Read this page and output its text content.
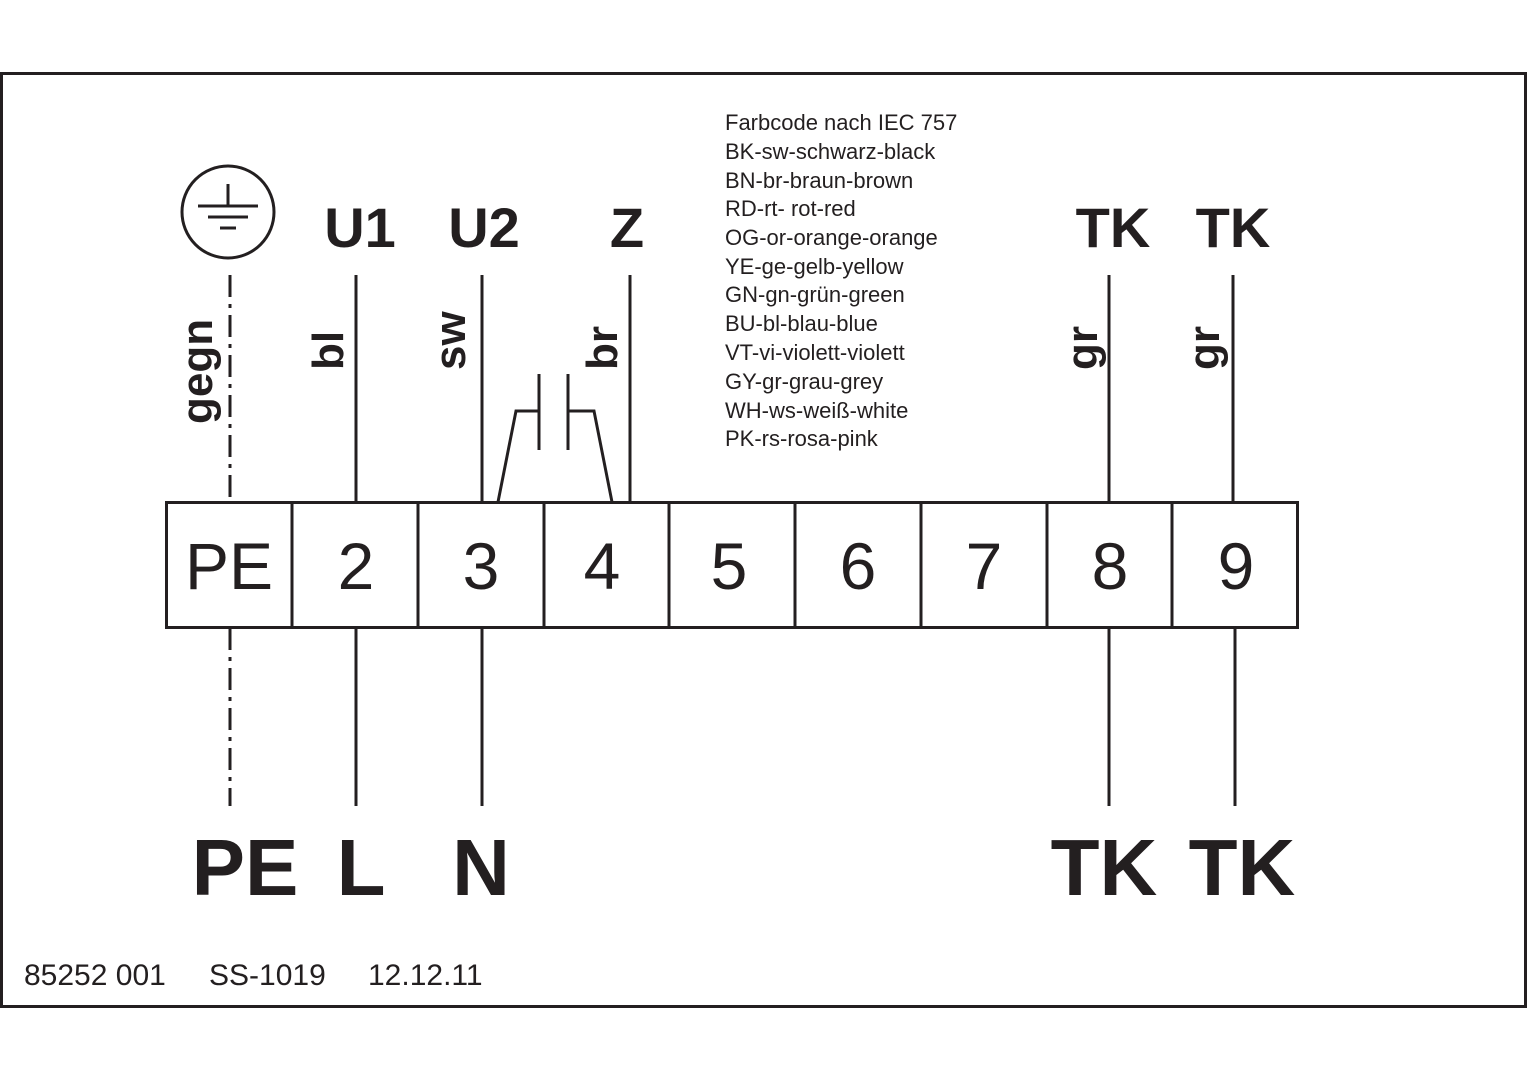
U1 U2 Z	TK TK
Farbcode nach IEC 757
BK-sw-schwarz-black
BN-br-braun-brown
RD-rt- rot-red
OG-or-orange-orange
YE-ge-gelb-yellow
GN-gn-grün-green
BU-bl-blau-blue
VT-vi-violett-violett
GY-gr-grau-grey
WH-ws-weiß-white
PK-rs-rosa-pink
gegn bl sw br	gr gr
PE 2 3 4 5 6 7 8 9
PE L N	TK TK
85252 001 SS-1019 12.12.11
